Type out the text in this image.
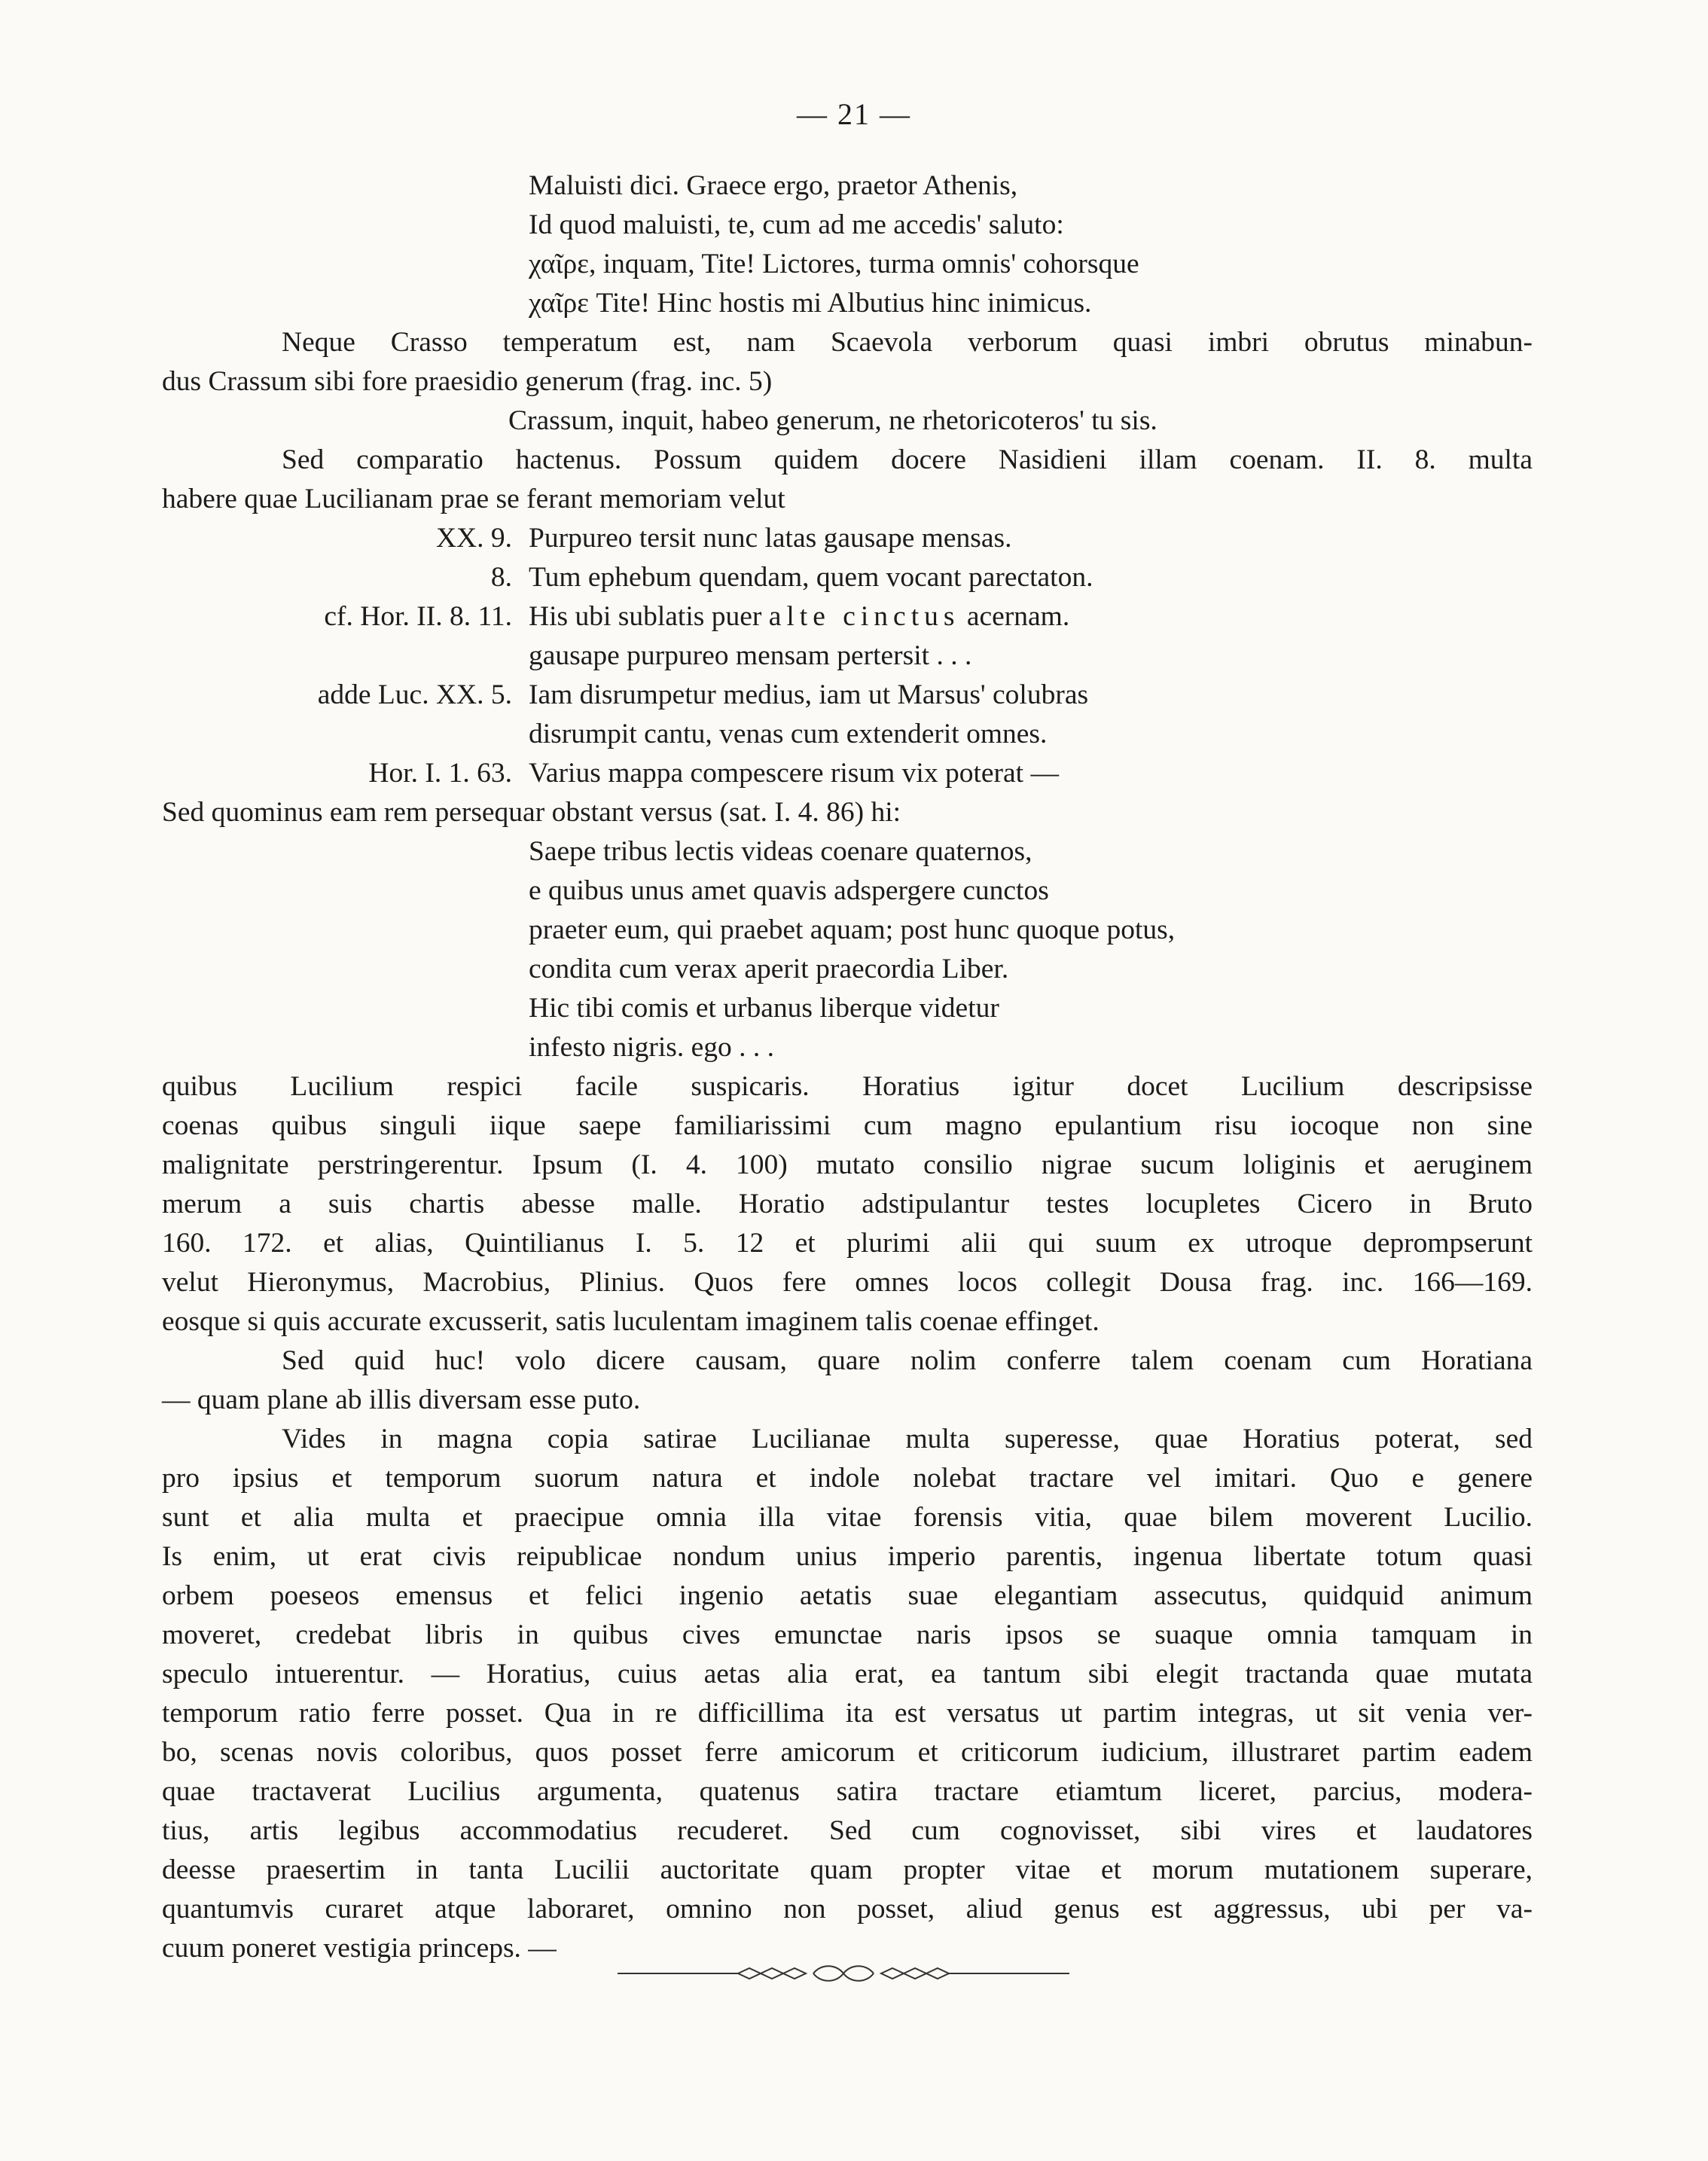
— 21 —
Maluisti dici. Graece ergo, praetor Athenis,
Id quod maluisti, te, cum ad me accedis' saluto:
χαῖρε, inquam, Tite! Lictores, turma omnis' cohorsque
χαῖρε Tite! Hinc hostis mi Albutius hinc inimicus.
Neque Crasso temperatum est, nam Scaevola verborum quasi imbri obrutus minabun-
dus Crassum sibi fore praesidio generum (frag. inc. 5)
Crassum, inquit, habeo generum, ne rhetoricoteros' tu sis.
Sed comparatio hactenus. Possum quidem docere Nasidieni illam coenam. II. 8. multa
habere quae Lucilianam prae se ferant memoriam velut
XX. 9. Purpureo tersit nunc latas gausape mensas.
8. Tum ephebum quendam, quem vocant parectaton.
cf. Hor. II. 8. 11. His ubi sublatis puer alte cinctus acernam.
gausape purpureo mensam pertersit . . .
adde Luc. XX. 5. Iam disrumpetur medius, iam ut Marsus' colubras
disrumpit cantu, venas cum extenderit omnes.
Hor. I. 1. 63. Varius mappa compescere risum vix poterat —
Sed quominus eam rem persequar obstant versus (sat. I. 4. 86) hi:
Saepe tribus lectis videas coenare quaternos,
e quibus unus amet quavis adspergere cunctos
praeter eum, qui praebet aquam; post hunc quoque potus,
condita cum verax aperit praecordia Liber.
Hic tibi comis et urbanus liberque videtur
infesto nigris. ego . . .
quibus Lucilium respici facile suspicaris. Horatius igitur docet Lucilium descripsisse
coenas quibus singuli iique saepe familiarissimi cum magno epulantium risu iocoque non sine
malignitate perstringerentur. Ipsum (I. 4. 100) mutato consilio nigrae sucum loliginis et aeruginem
merum a suis chartis abesse malle. Horatio adstipulantur testes locupletes Cicero in Bruto
160. 172. et alias, Quintilianus I. 5. 12 et plurimi alii qui suum ex utroque deprompserunt
velut Hieronymus, Macrobius, Plinius. Quos fere omnes locos collegit Dousa frag. inc. 166—169.
eosque si quis accurate excusserit, satis luculentam imaginem talis coenae effinget.
Sed quid huc! volo dicere causam, quare nolim conferre talem coenam cum Horatiana
— quam plane ab illis diversam esse puto.
Vides in magna copia satirae Lucilianae multa superesse, quae Horatius poterat, sed
pro ipsius et temporum suorum natura et indole nolebat tractare vel imitari. Quo e genere
sunt et alia multa et praecipue omnia illa vitae forensis vitia, quae bilem moverent Lucilio.
Is enim, ut erat civis reipublicae nondum unius imperio parentis, ingenua libertate totum quasi
orbem poeseos emensus et felici ingenio aetatis suae elegantiam assecutus, quidquid animum
moveret, credebat libris in quibus cives emunctae naris ipsos se suaque omnia tamquam in
speculo intuerentur. — Horatius, cuius aetas alia erat, ea tantum sibi elegit tractanda quae mutata
temporum ratio ferre posset. Qua in re difficillima ita est versatus ut partim integras, ut sit venia ver-
bo, scenas novis coloribus, quos posset ferre amicorum et criticorum iudicium, illustraret partim eadem
quae tractaverat Lucilius argumenta, quatenus satira tractare etiamtum liceret, parcius, modera-
tius, artis legibus accommodatius recuderet. Sed cum cognovisset, sibi vires et laudatores
deesse praesertim in tanta Lucilii auctoritate quam propter vitae et morum mutationem superare,
quantumvis curaret atque laboraret, omnino non posset, aliud genus est aggressus, ubi per va-
cuum poneret vestigia princeps. —
